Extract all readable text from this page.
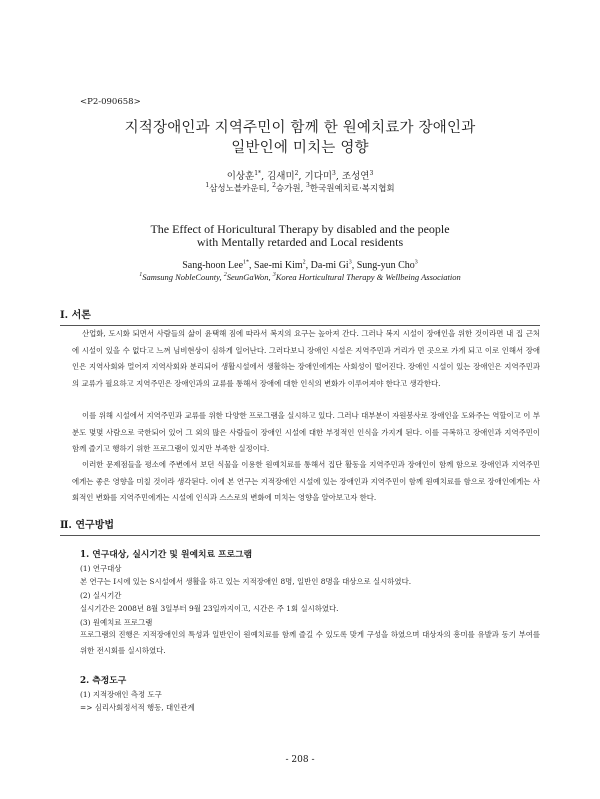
<P2-090658>
지적장애인과 지역주민이 함께 한 원예치료가 장애인과
일반인에 미치는 영향
이상훈$^{1*}$, 김새미$^2$, 기다미$^3$, 조성연$^3$
$^1$삼성노블카운티, $^2$승가원, $^3$한국원예치료·복지협회
The Effect of Horicultural Therapy by disabled and the people
with Mentally retarded and Local residents
Sang-hoon Lee$^{1*}$, Sae-mi Kim$^2$, Da-mi Gi$^3$, Sung-yun Cho$^3$
$^1$Samsung NobleCounty, $^2$SeunGaWon, $^3$Korea Horticultural Therapy & Wellbeing Association

Ⅰ. 서론

산업화, 도시화 되면서 사람들의 삶이 윤택해 짐에 따라서 복지의 요구는 높아져 간다. 그러나 복지 시설이 장애인을 위한 것이라면 내 집 근처에 시설이 있을 수 없다고 느껴 님비현상이 심하게 일어난다. 그러다보니 장애인 시설은 지역주민과 거리가 먼 곳으로 가게 되고 이로 인해서 장애인은 지역사회와 멀어져 지역사회와 분리되어 생활시설에서 생활하는 장애인에게는 사회성이 떨어진다. 장애인 시설이 있는 장애인은 지역주민과의 교류가 필요하고 지역주민은 장애인과의 교류를 통해서 장애에 대한 인식의 변화가 이루어져야 한다고 생각한다.

이를 위해 시설에서 지역주민과 교류를 위한 다양한 프로그램을 실시하고 있다. 그러나 대부분이 자원봉사로 장애인을 도와주는 역할이고 이 부분도 몇몇 사람으로 국한되어 있어 그 외의 많은 사람들이 장애인 시설에 대한 부정적인 인식을 가지게 된다. 이를 극복하고 장애인과 지역주민이 함께 즐기고 행하기 위한 프로그램이 있지만 부족한 실정이다.

이러한 문제점들을 평소에 주변에서 보던 식물을 이용한 원예치료를 통해서 집단 활동을 지역주민과 장애인이 함께 함으로 장애인과 지역주민에게는 좋은 영향을 미칠 것이라 생각된다. 이에 본 연구는 지적장애인 시설에 있는 장애인과 지역주민이 함께 원예치료를 함으로 장애인에게는 사회적인 변화를 지역주민에게는 시설에 인식과 스스로의 변화에 미치는 영향을 알아보고자 한다.

Ⅱ. 연구방법

1. 연구대상, 실시기간 및 원예치료 프로그램

(1) 연구대상

본 연구는 I시에 있는 S시설에서 생활을 하고 있는 지적장애인 8명, 일반인 8명을 대상으로 실시하였다.

(2) 실시기간

실시기간은 2008년 8월 3일부터 9월 23일까지이고, 시간은 주 1회 실시하였다.

(3) 원예치료 프로그램

프로그램의 진행은 지적장애인의 특성과 일반인이 원예치료를 함께 즐길 수 있도록 맞게 구성을 하였으며 대상자의 흥미를 유발과 동기 부여를 위한 전시회를 실시하였다.

2. 측정도구

(1) 지적장애인 측정 도구

=> 심리사회정서적 행동, 대인관계

- 208 -
